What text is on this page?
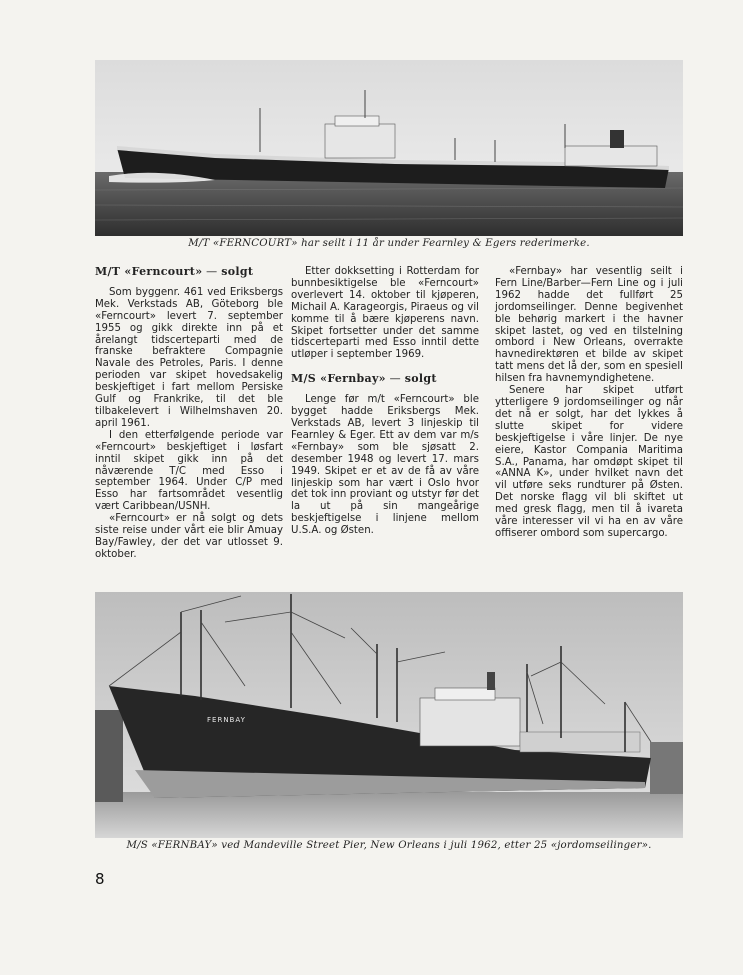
M/T «FERNCOURT» har seilt i 11 år under Fearnley & Egers rederimerke.
M/T «Ferncourt» — solgt

Som byggenr. 461 ved Eriksbergs Mek. Verkstads AB, Göteborg ble «Ferncourt» levert 7. september 1955 og gikk direkte inn på et årelangt tidscerteparti med de franske befraktere Compagnie Navale des Petroles, Paris. I denne perioden var skipet hovedsakelig beskjeftiget i fart mellom Persiske Gulf og Frankrike, til det ble tilbakelevert i Wilhelmshaven 20. april 1961.

I den etterfølgende periode var «Ferncourt» beskjeftiget i løsfart inntil skipet gikk inn på det nåværende T/C med Esso i september 1964. Under C/P med Esso har fartsområdet vesentlig vært Caribbean/USNH.

«Ferncourt» er nå solgt og dets siste reise under vårt eie blir Amuay Bay/Fawley, der det var utlosset 9. oktober.

Etter dokksetting i Rotterdam for bunnbesiktigelse ble «Ferncourt» overlevert 14. oktober til kjøperen, Michail A. Karageorgis, Piraeus og vil komme til å bære kjøperens navn. Skipet fortsetter under det samme tidscerteparti med Esso inntil dette utløper i september 1969.

M/S «Fernbay» — solgt

Lenge før m/t «Ferncourt» ble bygget hadde Eriksbergs Mek. Verkstads AB, levert 3 linjeskip til Fearnley & Eger. Ett av dem var m/s «Fernbay» som ble sjøsatt 2. desember 1948 og levert 17. mars 1949. Skipet er et av de få av våre linjeskip som har vært i Oslo hvor det tok inn proviant og utstyr før det la ut på sin mangeårige beskjeftigelse i linjene mellom U.S.A. og Østen.

«Fernbay» har vesentlig seilt i Fern Line/Barber—Fern Line og i juli 1962 hadde det fullført 25 jordomseilinger. Denne begivenhet ble behørig markert i the havner skipet lastet, og ved en tilstelning ombord i New Orleans, overrakte havnedirektøren et bilde av skipet tatt mens det lå der, som en spesiell hilsen fra havnemyndighetene.

Senere har skipet utført ytterligere 9 jordomseilinger og når det nå er solgt, har det lykkes å slutte skipet for videre beskjeftigelse i våre linjer. De nye eiere, Kastor Compania Maritima S.A., Panama, har omdøpt skipet til «ANNA K», under hvilket navn det vil utføre seks rundturer på Østen. Det norske flagg vil bli skiftet ut med gresk flagg, men til å ivareta våre interesser vil vi ha en av våre offiserer ombord som supercargo.

FERNBAY
M/S «FERNBAY» ved Mandeville Street Pier, New Orleans i juli 1962, etter 25 «jordomseilinger».
8
